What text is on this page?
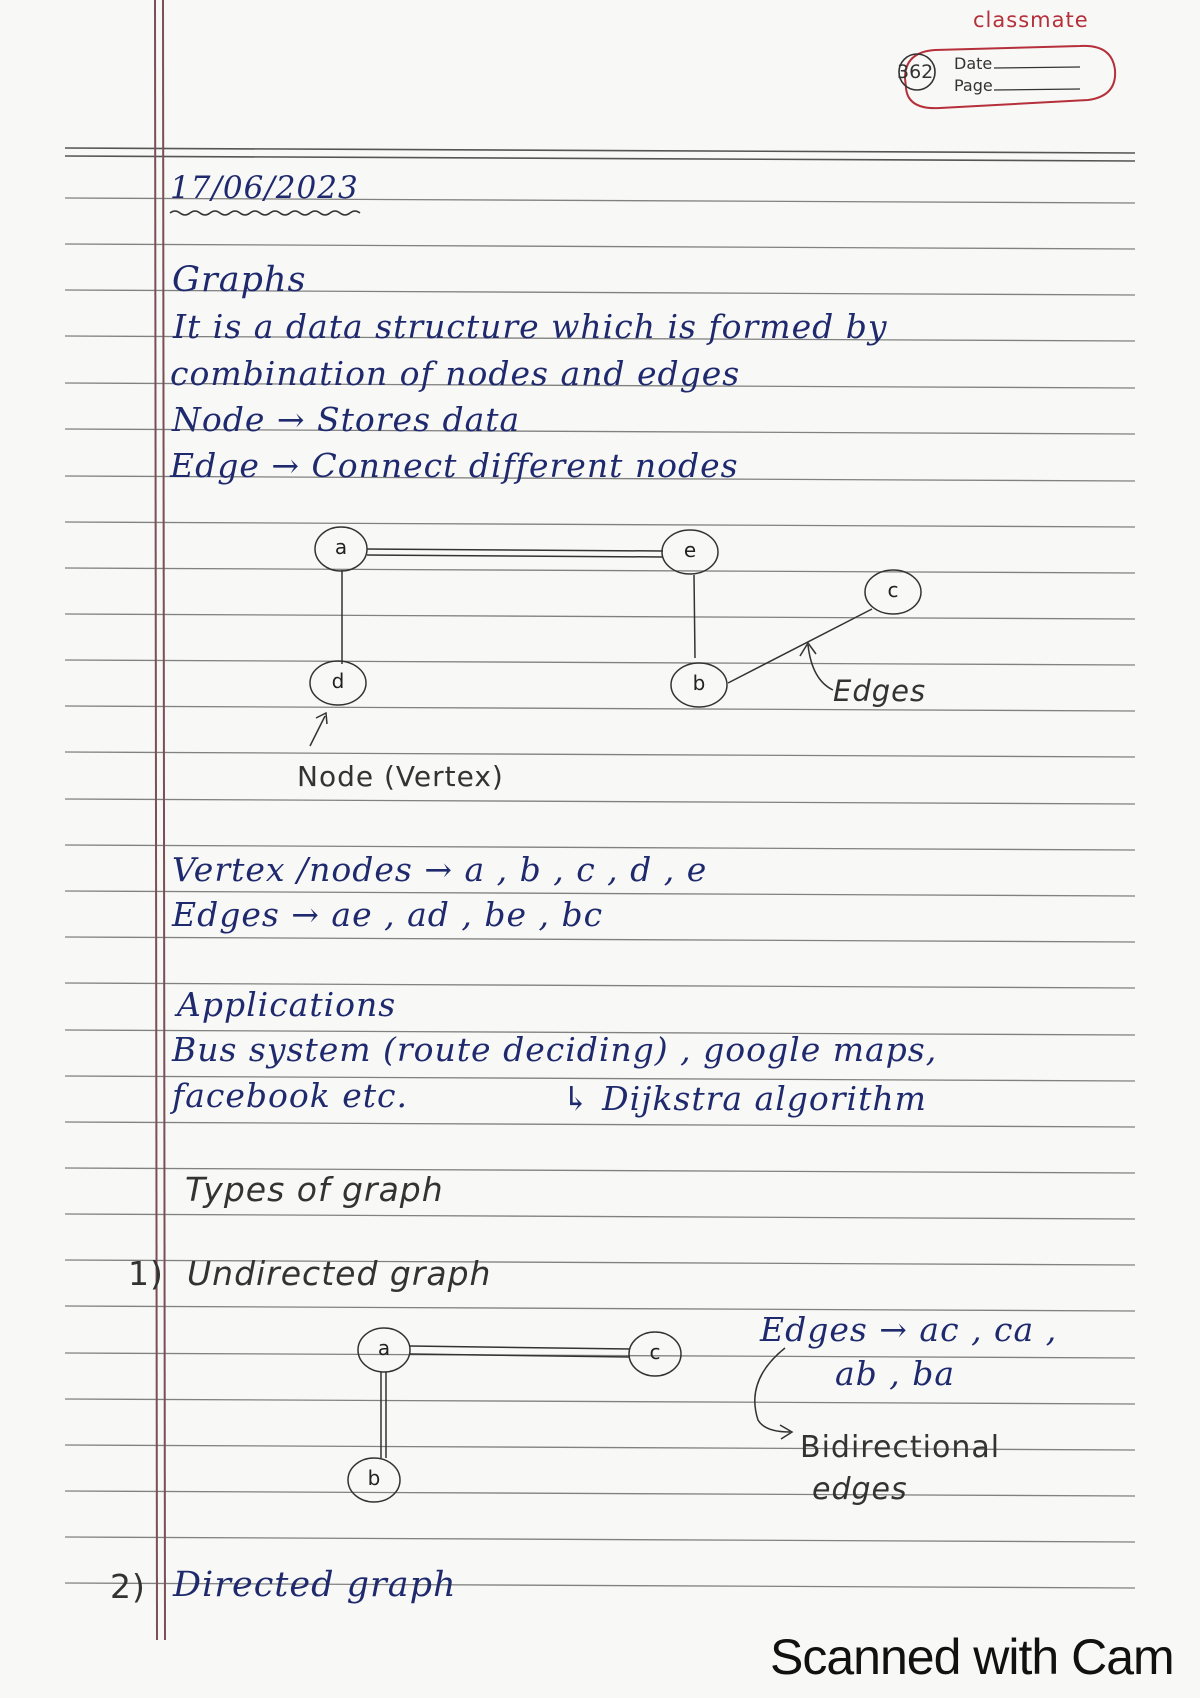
classmate
362 Date
Page
17/06/2023
Graphs
It is a data structure which is formed by
combination of nodes and edges
Node → Stores data
Edge → Connect different nodes
a	e
c
d	b	Edges
Node (Vertex)
Vertex /nodes → a , b , c , d , e
Edges → ae , ad , be , bc
Applications
Bus system (route deciding) , google maps,
facebook etc.	↳ Dijkstra algorithm
Types of graph
1) Undirected graph
a	c
b
Edges → ac , ca ,
ab , ba
Bidirectional
edges
2) Directed graph
Scanned with Cam
